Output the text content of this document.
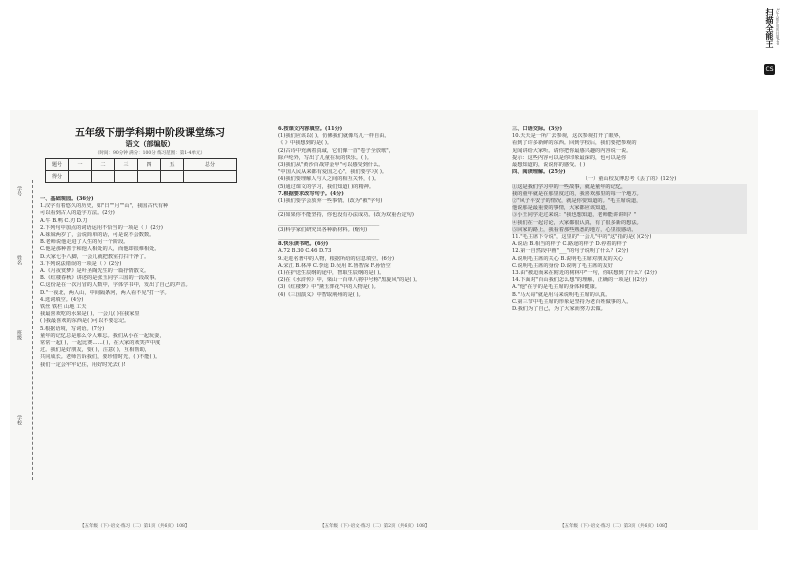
CS
扫描全能王 3亿人都在用的扫描App
学号
姓名
班级
学校
五年级下册学科期中阶段课堂练习
语文（部编版）
（时间：90分钟 满分：100分 练习范围：第1-4单元）
题号	一	二	三	四	五	总分
得分						
一、基础观园。(36分)
1.汉字有着悠久的历史，如"日""月""山"，我国古代有种
可以看到古人的造字方法。(2分)
A.牛 B.鸭 C.刃 D.刀
2.下列句中加点的词语运用不恰当的一项是（ ）(2分)
A.妹妹两岁了，会说简单的话，可是说不会数数。
B.老师说他走进了人生的另一个阶段。
C.他是那种善于和他人相处的人，而他却很难相处。
D.大家七手八脚，一会儿就把教室打扫干净了。
3.下列说法错误的一项是（ ）(2分)
A.《月夜赏梦》是叶圣陶先生的一篇抒情散文。
B.《红楼春秋》讲述的是张玉同学三国的一段故事。
C.这份是在一次月冒的人数中，字体学书中，发出了自己的声音。
D."一夜北，两人山，中间隔条河，两人看不见"打一字。
4.选词填空。(4分)
铁丝 铁栏 山地 工夫
我最喜欢吃的水果是( )，一会儿( )在我家里
( )我最喜欢的东西是( )可以不要忘记。
5.根据语境，写词语。(7分)
童年的记忆总是那么令人难忘。我们从小在一起玩耍，
常常一起( )，一起比赛……( )，在大家的欢笑声中度
过。我们是好朋友，要( )，注意( )，互相帮助，
共同成长。老师告诉我们，要珍惜时光，( )不能( )。
我们一定会牢牢记住，用好时光去( )!
6.按课文内容填空。(11分)
(1)我们应该以( )，仿佛我们就像鸟儿一样自由。
《 》中我想到的是( )。
(2)古诗中充满着真诚，它们像一首"卷子全放歌"，
除卢纶外，写出了儿童在玩的快乐。( )。
(3)我们从"黄沙百战穿金甲"可以感受到什么。
"中国人民从来都有爱国之心"，我们要学习( )。
(4)我们要理解人与人之间的相互关怀，( )。
(5)通过课文的学习，我们知道( )的精神。
7.根据要求改写句子。(4分)
(1)我们要学会放弃一些事情。(改为"被"字句)
_______________________________________
(2)如果你不能坚持，你也没有办法成功。(改为双重否定句)
_______________________________________
(3)科学家们研究出各种新材料。(缩句)
_______________________________________
8.快乐读书吧。(6分)
A.72 B.30 C.46 D.73
9.走进名著中的人物，根据所给的信息填空。(6分)
A.宋江 B.林冲 C.李逵 D.吴用 E.鲁智深 F.孙悟空
(1)在护送生辰纲的途中，智取生辰纲的是( )。
(2)在《水浒传》中，梁山一百单八将中号称"黑旋风"的是( )。
(3)《红楼梦》中"黛玉葬花"中的人物是( )。
(4)《三国演义》中智取荆州的是( )。
三、口语交际。(3分)
10.天天是一所厂去参观，这次参观打开了眼界，
看到了许多新鲜的东西。回到学校后，我们要把参观的
见闻讲给大家听。请你把你最感兴趣的内容说一说。
提示：这些内容可以是你印象最深的，也可以是你
最想知道的，说说你的感受。( )
四、阅读理解。(25分)
（一）童山校友博思考《丢了的》(12分)
①这是我们学习中的一些故事，就是童年的记忆，
我的童年就是在那里度过的，我喜欢那里的每一个地方。
②"风子平安子的情况，就是你要知道的。"毛主席说道，
他说那是最重要的事情，大家都应该知道。
③小王同学走过来说："我也想知道，老师能讲讲吗？"
④我们在一起讨论，大家都很认真，有了很多新的想法。
⑤回家的路上，我看着那些熟悉的地方，心里很感动。
11."毛主席下令说"，这里的"一会儿"中的"这"指的是( )(2分)
A.说话 B.相当的样子 C.路途的样子 D.停着的样子
12.第一自然段中画"___"的句子说明了什么？(2分)
A.说明毛主席的关心 B.说明毛主席对朋友的关心
C.说明毛主席的身份 D.说明了毛主席的友好
13.由"被迫而来在附近的树林中"一句，你联想到了什么？(2分)
14.下面对"百山我们怎么想"的理解，正确的一项是( )(2分)
A."他"在乎的是毛主席的身体和健康。
B."马大哥"就是用马来说明毛主席的认真。
C.第三节中毛主席的形象是坚持为老百姓做事的人。
D.我们为了自己，为了大家而努力去做。
【五年级（下）·语文·练习（二）第1页（共6页）108】	【五年级（下）·语文·练习（二）第2页（共6页）108】	【五年级（下）·语文·练习（二）第3页（共6页）108】
